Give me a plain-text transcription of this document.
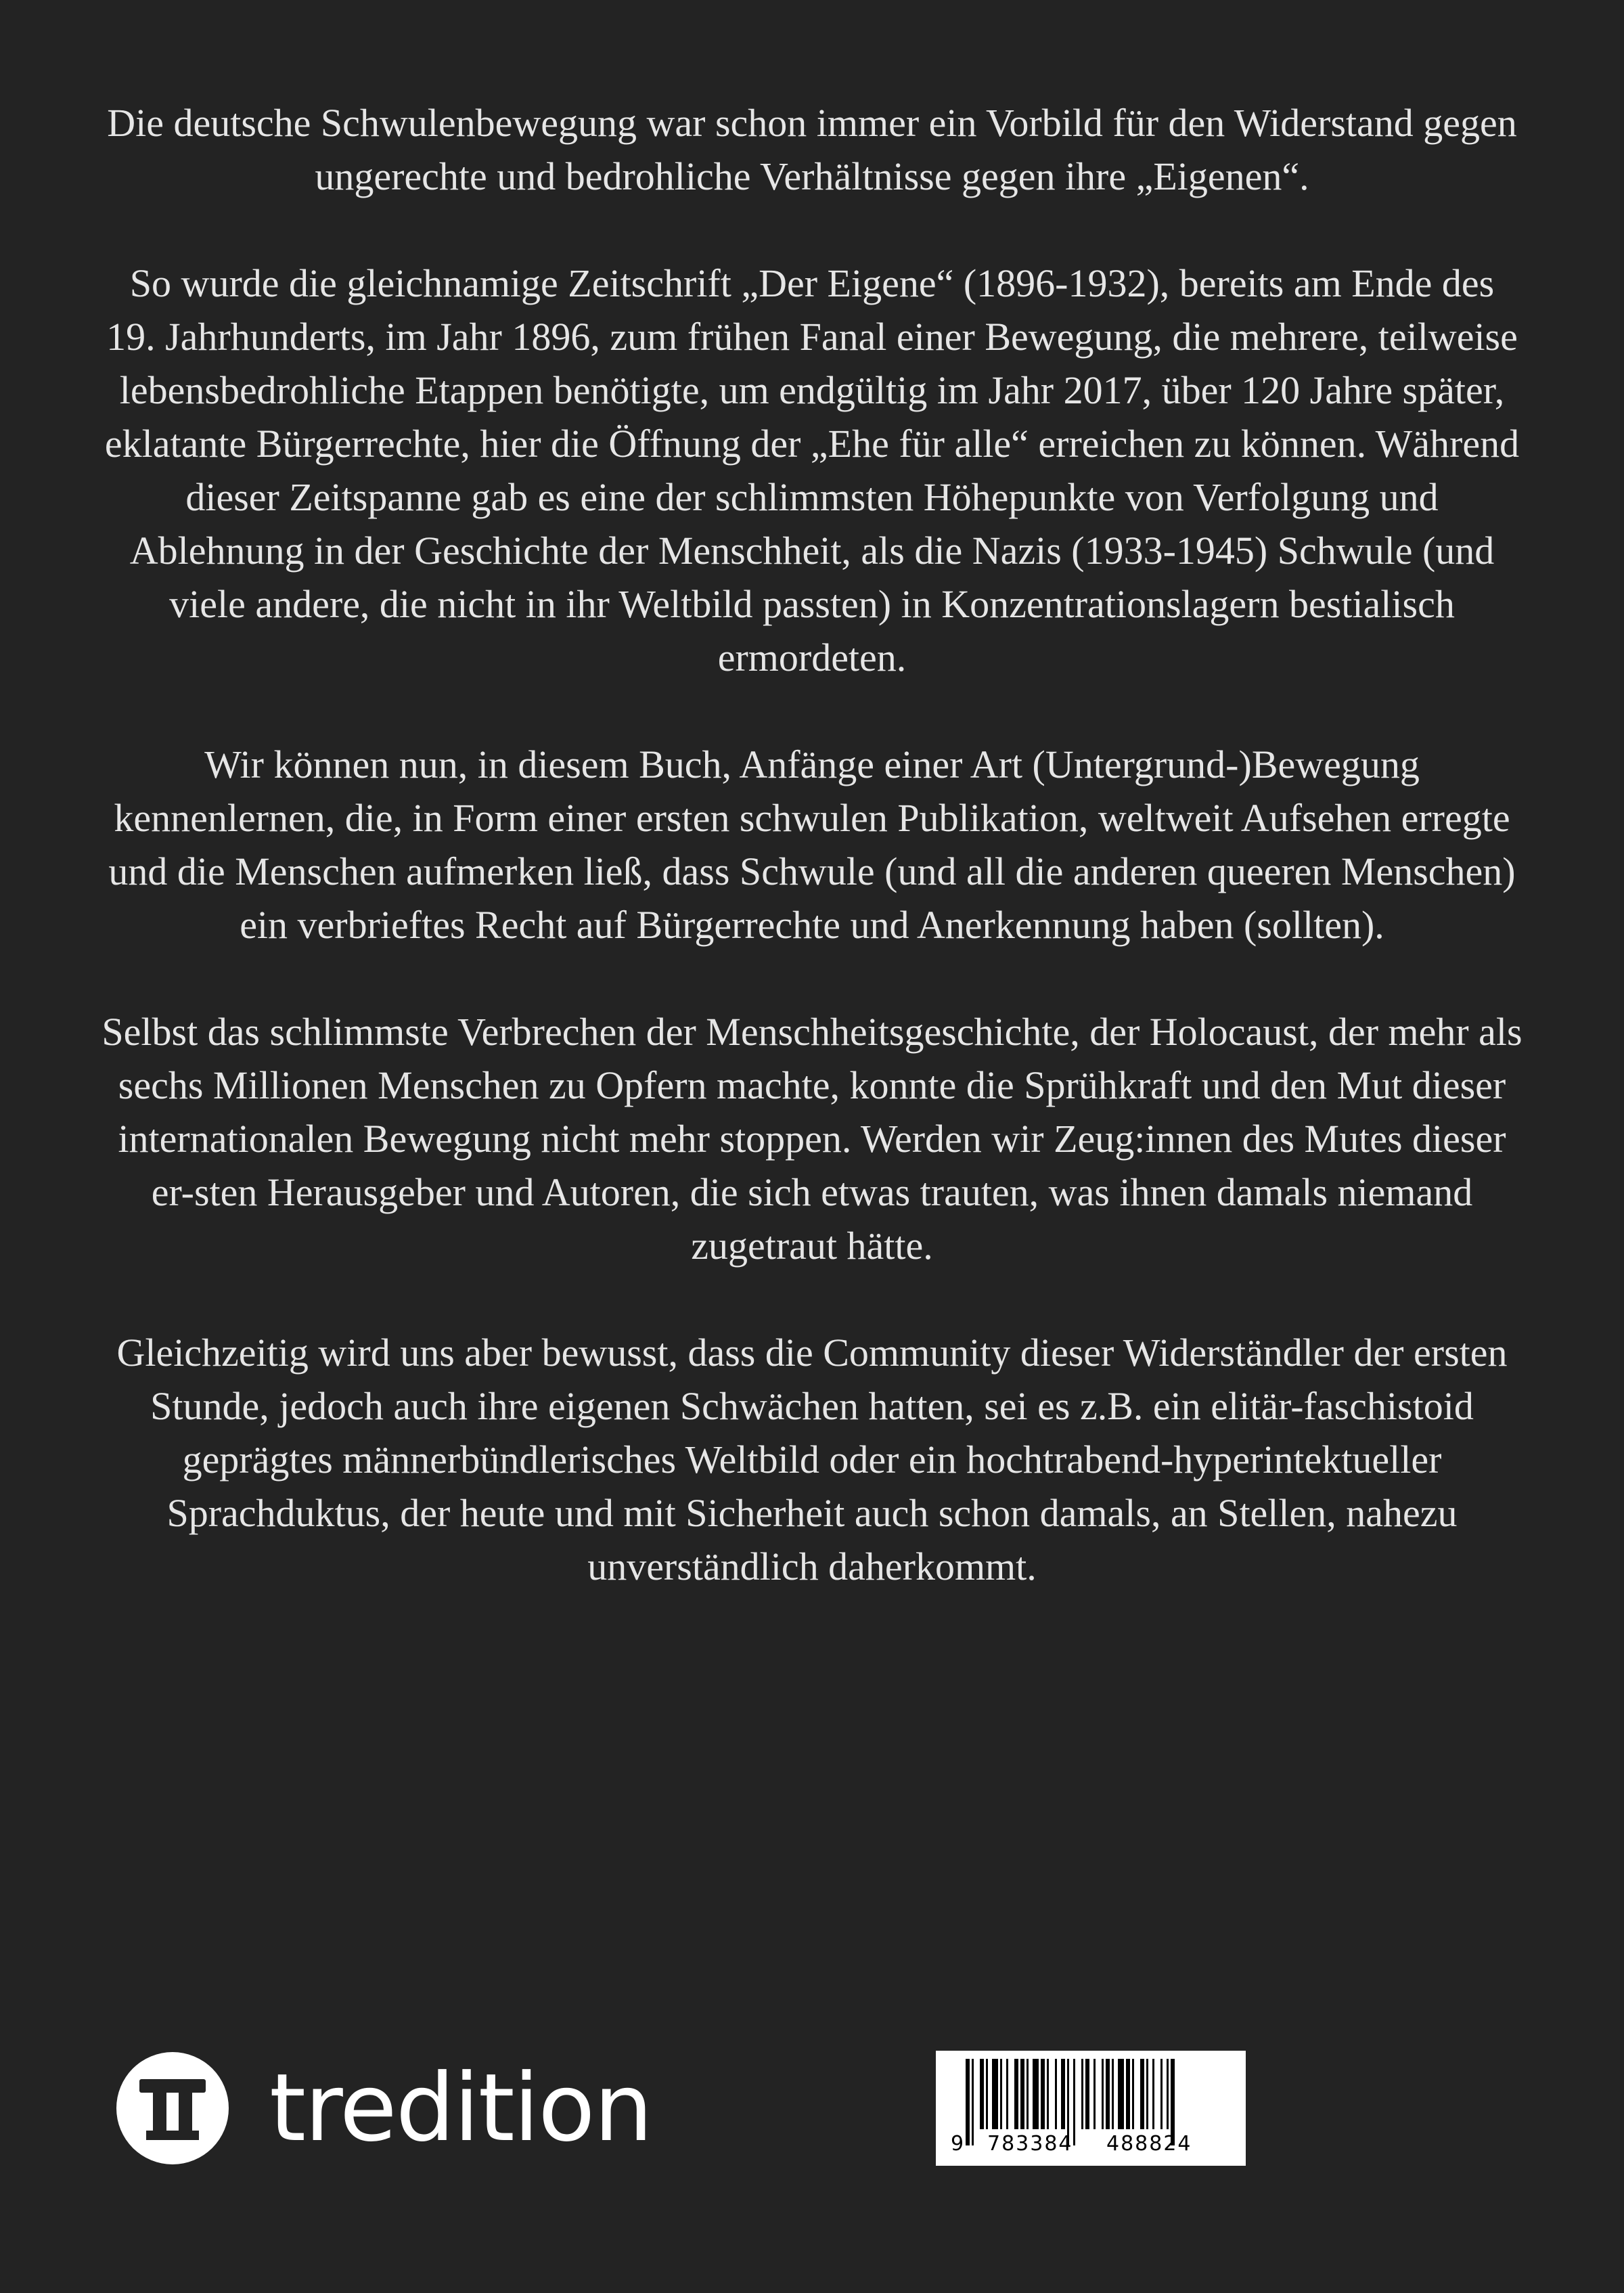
Die deutsche Schwulenbewegung war schon immer ein Vorbild für den Widerstand gegen ungerechte und bedrohliche Verhältnisse gegen ihre „Eigenen“.

So wurde die gleichnamige Zeitschrift „Der Eigene“ (1896-1932), bereits am Ende des 19. Jahrhunderts, im Jahr 1896, zum frühen Fanal einer Bewegung, die mehrere, teilweise lebensbedrohliche Etappen benötigte, um endgültig im Jahr 2017, über 120 Jahre später, eklatante Bürgerrechte, hier die Öffnung der „Ehe für alle“ erreichen zu können. Während dieser Zeitspanne gab es eine der schlimmsten Höhepunkte von Verfolgung und Ablehnung in der Geschichte der Menschheit, als die Nazis (1933-1945) Schwule (und viele andere, die nicht in ihr Weltbild passten) in Konzentrationslagern bestialisch ermordeten.

Wir können nun, in diesem Buch, Anfänge einer Art (Untergrund-)Bewegung kennenlernen, die, in Form einer ersten schwulen Publikation, weltweit Aufsehen erregte und die Menschen aufmerken ließ, dass Schwule (und all die anderen queeren Menschen) ein verbrieftes Recht auf Bürgerrechte und Anerkennung haben (sollten).

Selbst das schlimmste Verbrechen der Menschheitsgeschichte, der Holocaust, der mehr als sechs Millionen Menschen zu Opfern machte, konnte die Sprühkraft und den Mut dieser internationalen Bewegung nicht mehr stoppen. Werden wir Zeug:innen des Mutes dieser er-sten Herausgeber und Autoren, die sich etwas trauten, was ihnen damals niemand zugetraut hätte.

Gleichzeitig wird uns aber bewusst, dass die Community dieser Widerständler der ersten Stunde, jedoch auch ihre eigenen Schwächen hatten, sei es z.B. ein elitär-faschistoid geprägtes männerbündlerisches Weltbild oder ein hochtrabend-hyperintektueller Sprachduktus, der heute und mit Sicherheit auch schon damals, an Stellen, nahezu unverständlich daherkommt.

tredition	9 783384 488824
